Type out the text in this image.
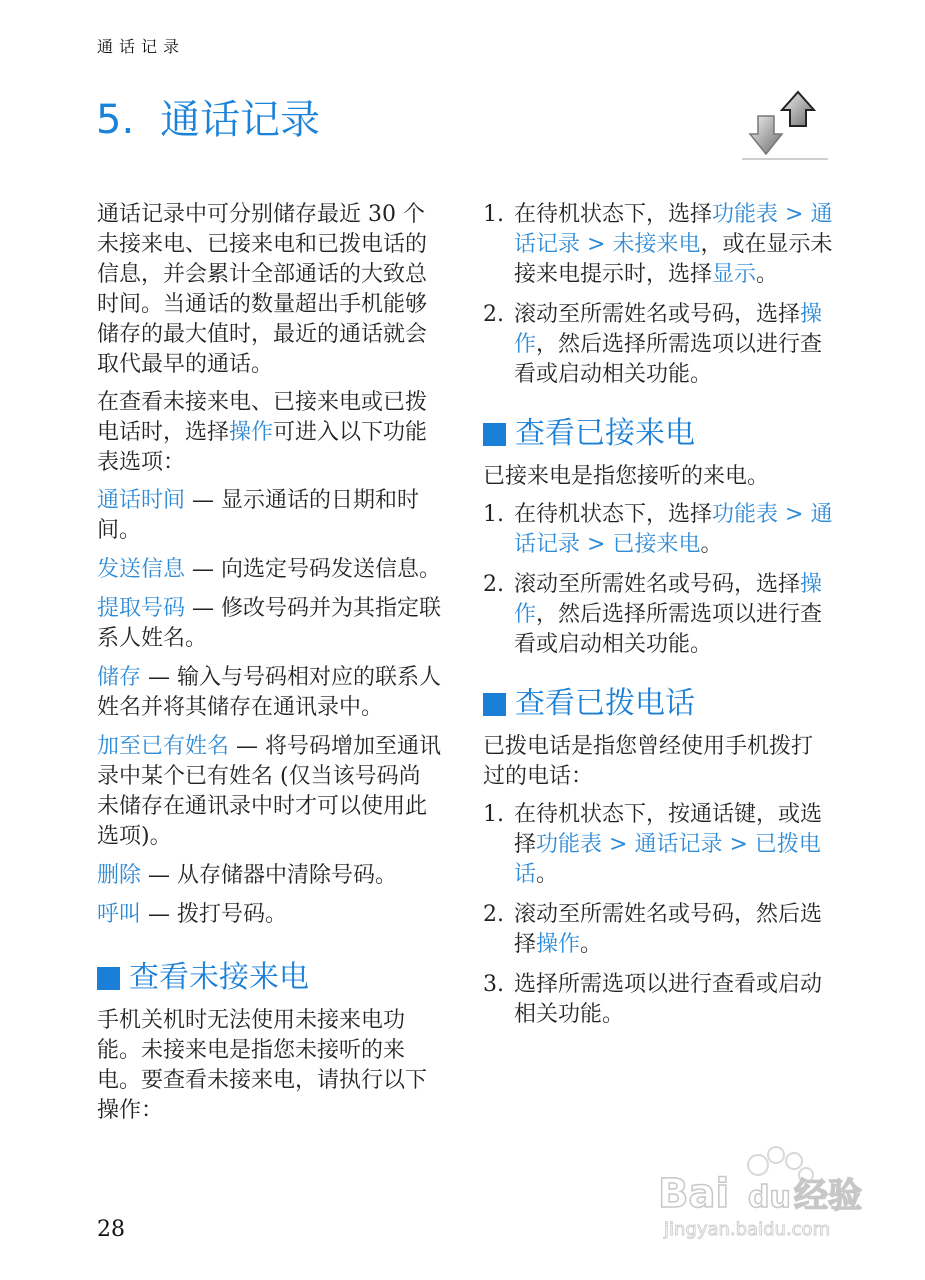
通话记录
5. 通话记录

通话记录中可分别储存最近 30 个未接来电、已接来电和已拨电话的信息，并会累计全部通话的大致总时间。当通话的数量超出手机能够储存的最大值时，最近的通话就会取代最早的通话。

在查看未接来电、已接来电或已拨电话时，选择操作可进入以下功能表选项：

通话时间 — 显示通话的日期和时间。

发送信息 — 向选定号码发送信息。

提取号码 — 修改号码并为其指定联系人姓名。

储存 — 输入与号码相对应的联系人姓名并将其储存在通讯录中。

加至已有姓名 — 将号码增加至通讯录中某个已有姓名 (仅当该号码尚未储存在通讯录中时才可以使用此选项)。

删除 — 从存储器中清除号码。

呼叫 — 拨打号码。

查看未接来电

手机关机时无法使用未接来电功能。未接来电是指您未接听的来电。要查看未接来电，请执行以下操作：

1. 在待机状态下，选择功能表 > 通话记录 > 未接来电，或在显示未接来电提示时，选择显示。
2. 滚动至所需姓名或号码，选择操作，然后选择所需选项以进行查看或启动相关功能。
查看已接来电

已接来电是指您接听的来电。

1. 在待机状态下，选择功能表 > 通话记录 > 已接来电。
2. 滚动至所需姓名或号码，选择操作，然后选择所需选项以进行查看或启动相关功能。
查看已拨电话

已拨电话是指您曾经使用手机拨打过的电话：

1. 在待机状态下，按通话键，或选择功能表 > 通话记录 > 已拨电话。
2. 滚动至所需姓名或号码，然后选择操作。
3. 选择所需选项以进行查看或启动相关功能。
28
Bai du 经验
jingyan.baidu.com
